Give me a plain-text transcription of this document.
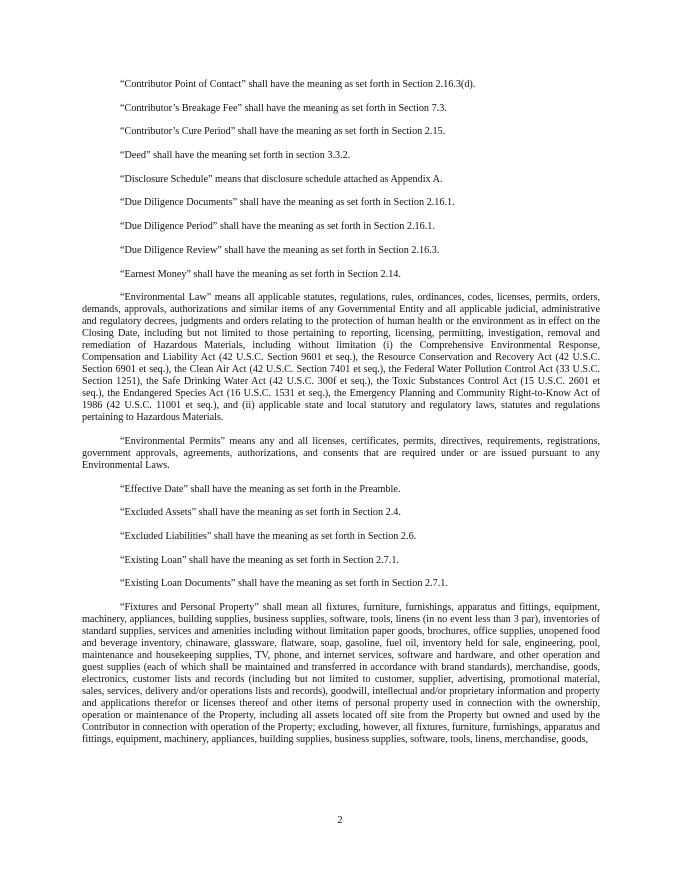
“Contributor Point of Contact” shall have the meaning as set forth in Section 2.16.3(d).

“Contributor’s Breakage Fee” shall have the meaning as set forth in Section 7.3.

“Contributor’s Cure Period” shall have the meaning as set forth in Section 2.15.

“Deed” shall have the meaning set forth in section 3.3.2.

“Disclosure Schedule” means that disclosure schedule attached as Appendix A.

“Due Diligence Documents” shall have the meaning as set forth in Section 2.16.1.

“Due Diligence Period” shall have the meaning as set forth in Section 2.16.1.

“Due Diligence Review” shall have the meaning as set forth in Section 2.16.3.

“Earnest Money” shall have the meaning as set forth in Section 2.14.

“Environmental Law” means all applicable statutes, regulations, rules, ordinances, codes, licenses, permits, orders, demands, approvals, authorizations and similar items of any Governmental Entity and all applicable judicial, administrative and regulatory decrees, judgments and orders relating to the protection of human health or the environment as in effect on the Closing Date, including but not limited to those pertaining to reporting, licensing, permitting, investigation, removal and remediation of Hazardous Materials, including without limitation (i) the Comprehensive Environmental Response, Compensation and Liability Act (42 U.S.C. Section 9601 et seq.), the Resource Conservation and Recovery Act (42 U.S.C. Section 6901 et seq.), the Clean Air Act (42 U.S.C. Section 7401 et seq.), the Federal Water Pollution Control Act (33 U.S.C. Section 1251), the Safe Drinking Water Act (42 U.S.C. 300f et seq.), the Toxic Substances Control Act (15 U.S.C. 2601 et seq.), the Endangered Species Act (16 U.S.C. 1531 et seq.), the Emergency Planning and Community Right-to-Know Act of 1986 (42 U.S.C. 11001 et seq.), and (ii) applicable state and local statutory and regulatory laws, statutes and regulations pertaining to Hazardous Materials.

“Environmental Permits” means any and all licenses, certificates, permits, directives, requirements, registrations, government approvals, agreements, authorizations, and consents that are required under or are issued pursuant to any Environmental Laws.

“Effective Date” shall have the meaning as set forth in the Preamble.

“Excluded Assets” shall have the meaning as set forth in Section 2.4.

“Excluded Liabilities” shall have the meaning as set forth in Section 2.6.

“Existing Loan” shall have the meaning as set forth in Section 2.7.1.

“Existing Loan Documents” shall have the meaning as set forth in Section 2.7.1.

“Fixtures and Personal Property” shall mean all fixtures, furniture, furnishings, apparatus and fittings, equipment, machinery, appliances, building supplies, business supplies, software, tools, linens (in no event less than 3 par), inventories of standard supplies, services and amenities including without limitation paper goods, brochures, office supplies, unopened food and beverage inventory, chinaware, glassware, flatware, soap, gasoline, fuel oil, inventory held for sale, engineering, pool, maintenance and housekeeping supplies, TV, phone, and internet services, software and hardware, and other operation and guest supplies (each of which shall be maintained and transferred in accordance with brand standards), merchandise, goods, electronics, customer lists and records (including but not limited to customer, supplier, advertising, promotional material, sales, services, delivery and/or operations lists and records), goodwill, intellectual and/or proprietary information and property and applications therefor or licenses thereof and other items of personal property used in connection with the ownership, operation or maintenance of the Property, including all assets located off site from the Property but owned and used by the Contributor in connection with operation of the Property; excluding, however, all fixtures, furniture, furnishings, apparatus and fittings, equipment, machinery, appliances, building supplies, business supplies, software, tools, linens, merchandise, goods,

2
